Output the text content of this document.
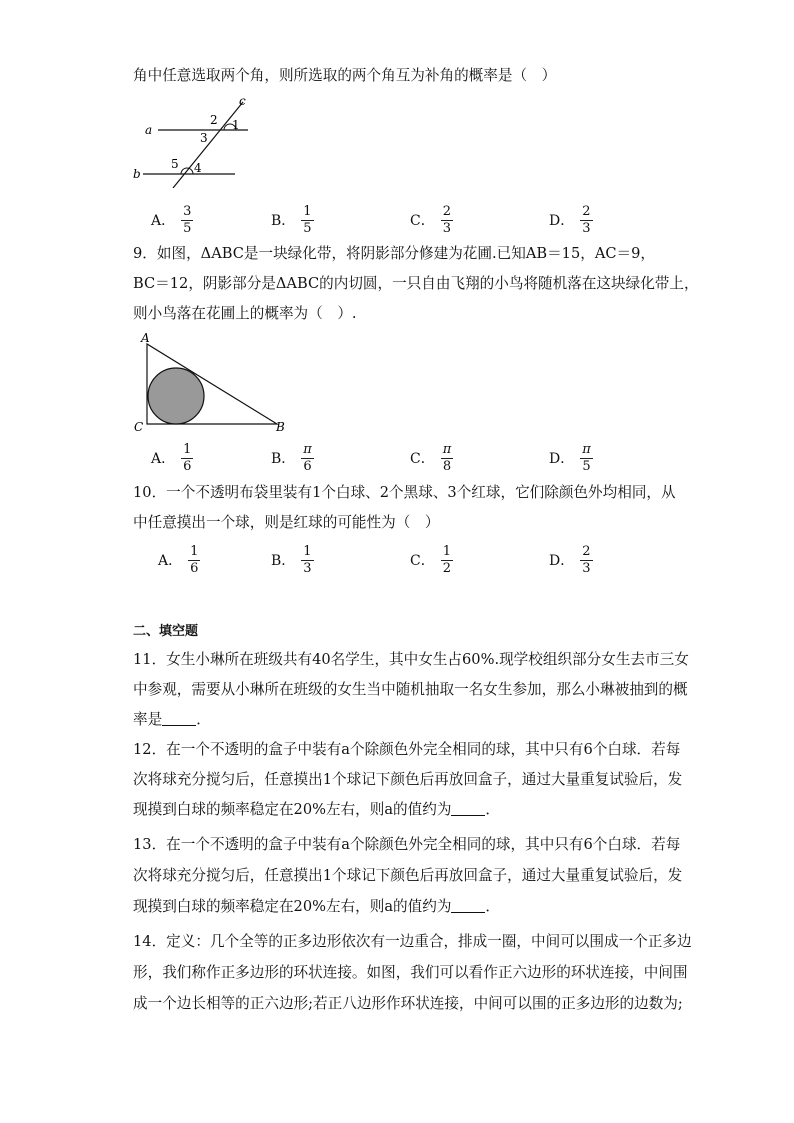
角中任意选取两个角，则所选取的两个角互为补角的概率是（　）
a
b
c
1
2
3
4
5
A． $\frac{3}{5}$	B． $\frac{1}{5}$	C． $\frac{2}{3}$	D． $\frac{2}{3}$
9．如图，ΔABC是一块绿化带，将阴影部分修建为花圃.已知AB＝15，AC＝9，
BC＝12，阴影部分是ΔABC的内切圆，一只自由飞翔的小鸟将随机落在这块绿化带上，
则小鸟落在花圃上的概率为（　）.
A
C	B
A． $\frac{1}{6}$	B． $\frac{\pi}{6}$	C． $\frac{\pi}{8}$	D． $\frac{\pi}{5}$
10．一个不透明布袋里装有1个白球、2个黑球、3个红球，它们除颜色外均相同，从
中任意摸出一个球，则是红球的可能性为（　）
A． $\frac{1}{6}$	B． $\frac{1}{3}$	C． $\frac{1}{2}$	D． $\frac{2}{3}$
二、填空题
11．女生小琳所在班级共有40名学生，其中女生占60%.现学校组织部分女生去市三女
中参观，需要从小琳所在班级的女生当中随机抽取一名女生参加，那么小琳被抽到的概
率是 ．
12．在一个不透明的盒子中装有a个除颜色外完全相同的球，其中只有6个白球．若每
次将球充分搅匀后，任意摸出1个球记下颜色后再放回盒子，通过大量重复试验后，发
现摸到白球的频率稳定在20%左右，则a的值约为 ．
13．在一个不透明的盒子中装有a个除颜色外完全相同的球，其中只有6个白球．若每
次将球充分搅匀后，任意摸出1个球记下颜色后再放回盒子，通过大量重复试验后，发
现摸到白球的频率稳定在20%左右，则a的值约为 ．
14．定义：几个全等的正多边形依次有一边重合，排成一圈，中间可以围成一个正多边
形，我们称作正多边形的环状连接。如图，我们可以看作正六边形的环状连接，中间围
成一个边长相等的正六边形;若正八边形作环状连接，中间可以围的正多边形的边数为;
